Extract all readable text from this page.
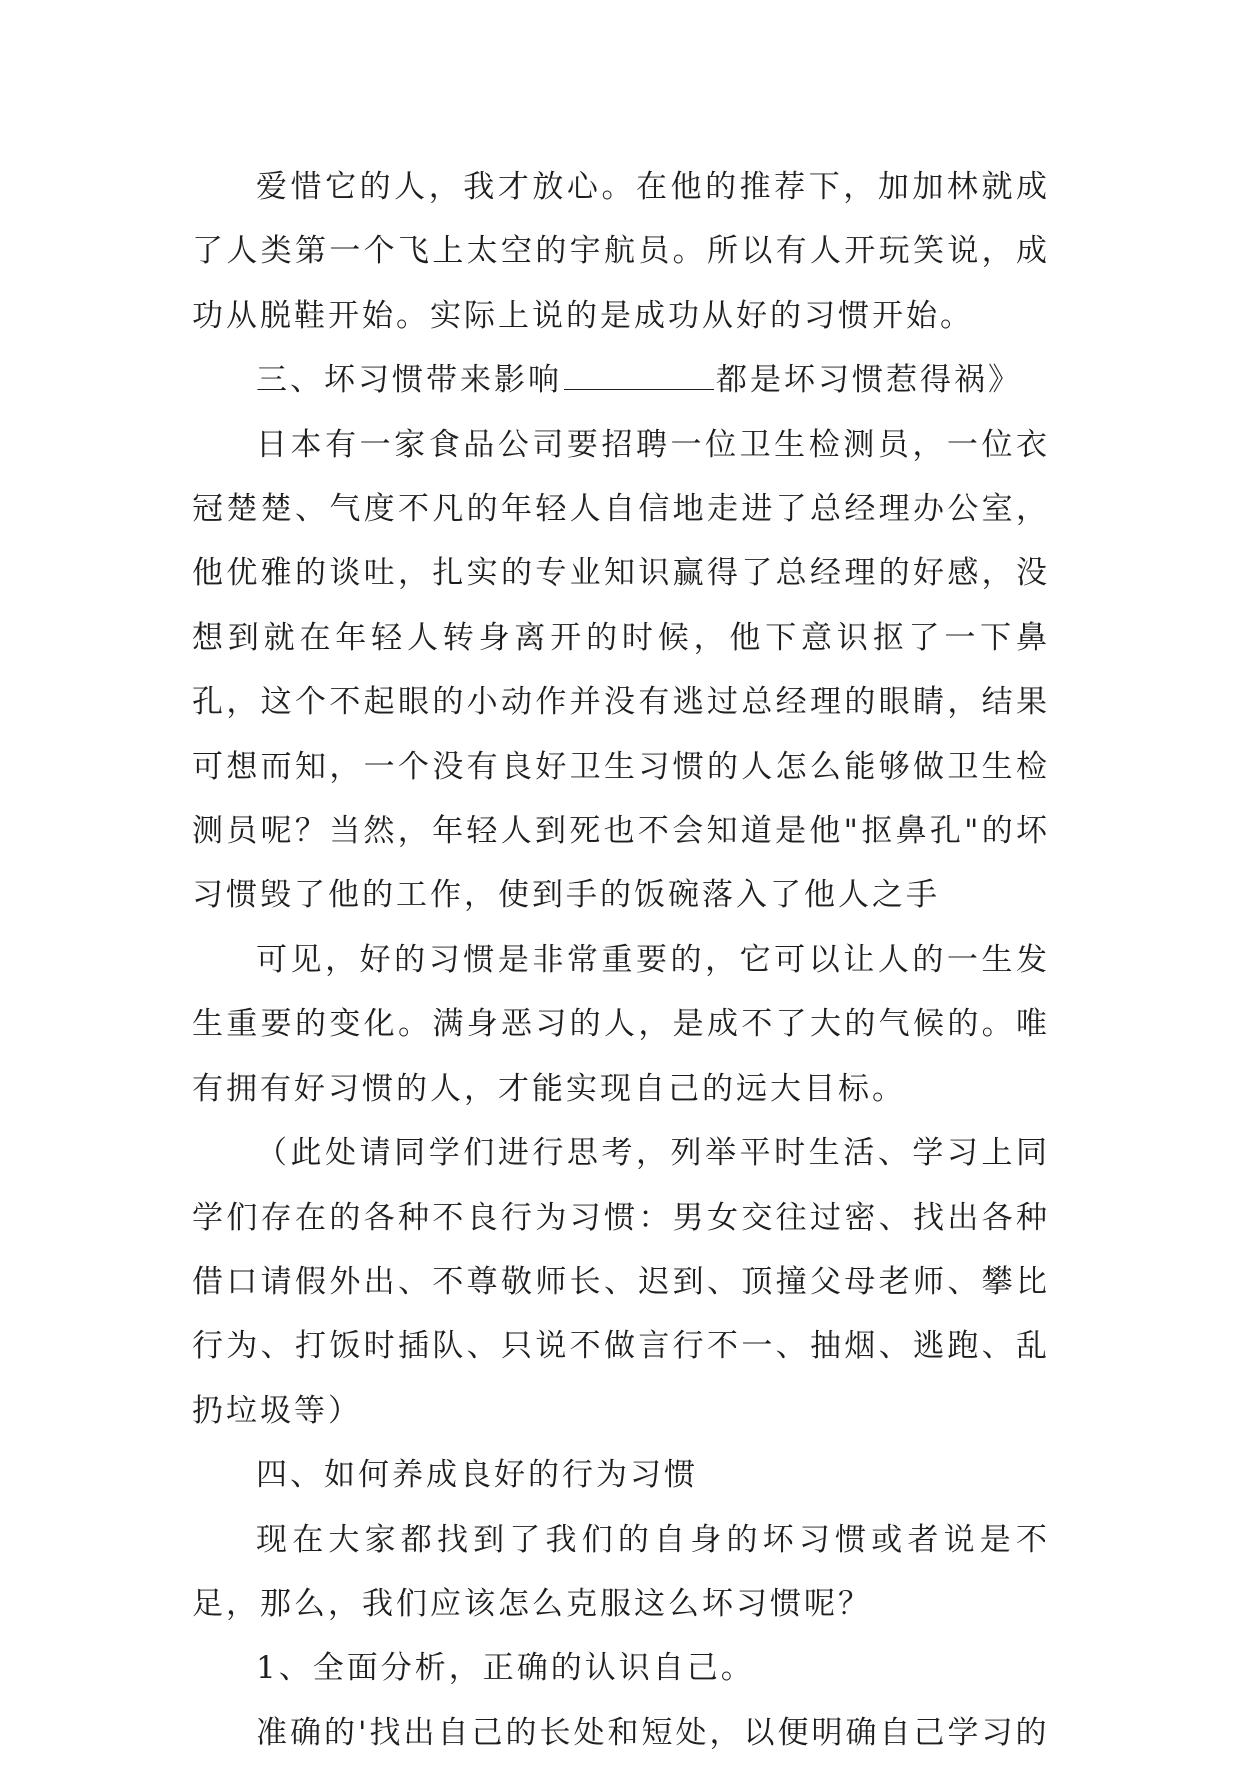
爱惜它的人，我才放心。在他的推荐下，加加林就成了人类第一个飞上太空的宇航员。所以有人开玩笑说，成功从脱鞋开始。实际上说的是成功从好的习惯开始。

三、坏习惯带来影响	都是坏习惯惹得祸》

日本有一家食品公司要招聘一位卫生检测员，一位衣冠楚楚、气度不凡的年轻人自信地走进了总经理办公室，他优雅的谈吐，扎实的专业知识赢得了总经理的好感，没想到就在年轻人转身离开的时候，他下意识抠了一下鼻孔，这个不起眼的小动作并没有逃过总经理的眼睛，结果可想而知，一个没有良好卫生习惯的人怎么能够做卫生检测员呢？当然，年轻人到死也不会知道是他"抠鼻孔"的坏习惯毁了他的工作，使到手的饭碗落入了他人之手

可见，好的习惯是非常重要的，它可以让人的一生发生重要的变化。满身恶习的人，是成不了大的气候的。唯有拥有好习惯的人，才能实现自己的远大目标。

（此处请同学们进行思考，列举平时生活、学习上同学们存在的各种不良行为习惯：男女交往过密、找出各种借口请假外出、不尊敬师长、迟到、顶撞父母老师、攀比行为、打饭时插队、只说不做言行不一、抽烟、逃跑、乱扔垃圾等）

四、如何养成良好的行为习惯

现在大家都找到了我们的自身的坏习惯或者说是不足，那么，我们应该怎么克服这么坏习惯呢？

1、全面分析，正确的认识自己。

准确的'找出自己的长处和短处，以便明确自己学习的
